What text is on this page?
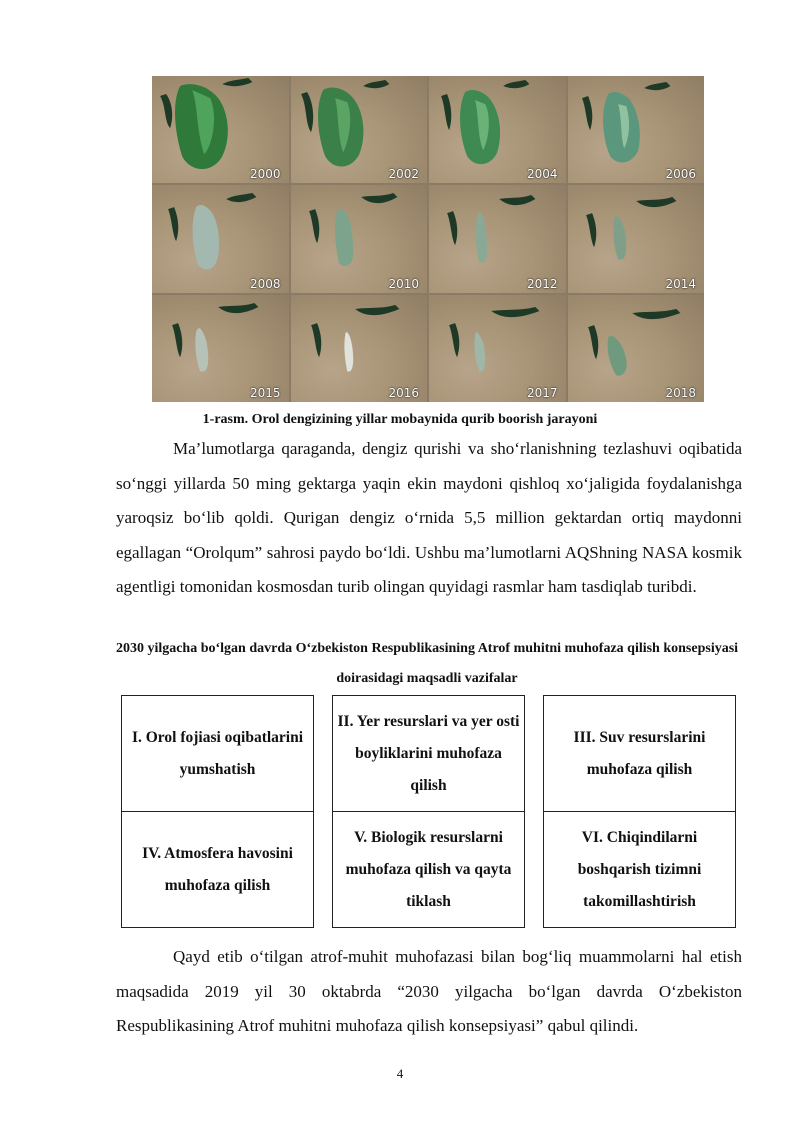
2000	2002	2004	2006
2008	2010	2012	2014
2015	2016	2017	2018
1-rasm. Orol dengizining yillar mobaynida qurib boorish jarayoni

Ma’lumotlarga qaraganda, dengiz qurishi va sho‘rlanishning tezlashuvi oqibatida so‘nggi yillarda 50 ming gektarga yaqin ekin maydoni qishloq xo‘jaligida foydalanishga yaroqsiz bo‘lib qoldi. Qurigan dengiz o‘rnida 5,5 million gektardan ortiq maydonni egallagan “Orolqum” sahrosi paydo bo‘ldi. Ushbu ma’lumotlarni AQShning NASA kosmik agentligi tomonidan kosmosdan turib olingan quyidagi rasmlar ham tasdiqlab turibdi.

2030 yilgacha bo‘lgan davrda O‘zbekiston Respublikasining Atrof muhitni muhofaza qilish konsepsiyasi doirasidagi maqsadli vazifalar
I. Orol fojiasi oqibatlarini yumshatish
II. Yer resurslari va yer osti boyliklarini muhofaza qilish
III. Suv resurslarini muhofaza qilish
IV. Atmosfera havosini muhofaza qilish
V. Biologik resurslarni muhofaza qilish va qayta tiklash
VI. Chiqindilarni boshqarish tizimni takomillashtirish

Qayd etib o‘tilgan atrof-muhit muhofazasi bilan bog‘liq muammolarni hal etish maqsadida 2019 yil 30 oktabrda “2030 yilgacha bo‘lgan davrda O‘zbekiston Respublikasining Atrof muhitni muhofaza qilish konsepsiyasi” qabul qilindi.

4
